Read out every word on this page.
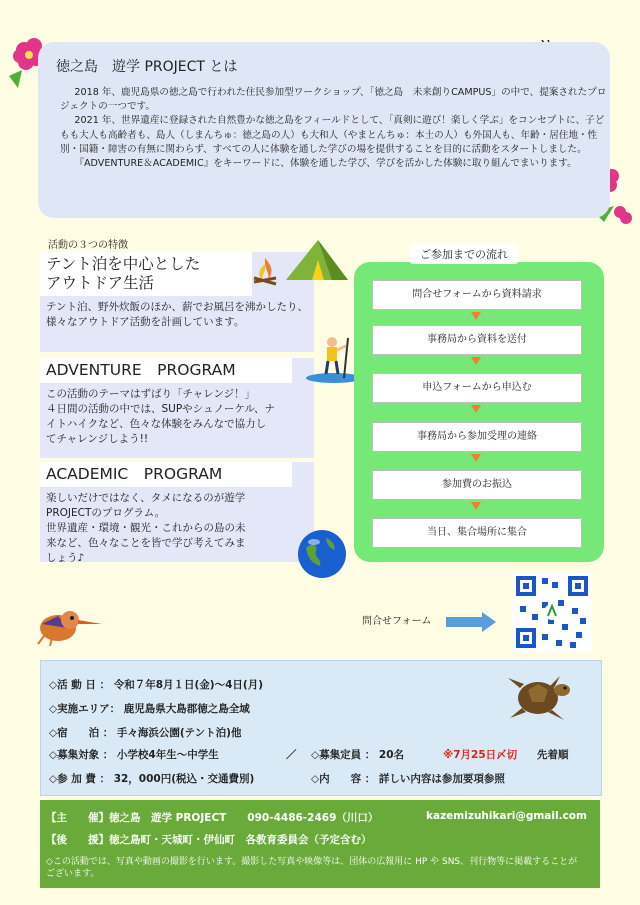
徳之島　遊学 PROJECT とは

2018 年、鹿児島県の徳之島で行われた住民参加型ワークショップ、「徳之島　未来創りCAMPUS」の中で、提案されたプロジェクトの一つです。

2021 年、世界遺産に登録された自然豊かな徳之島をフィールドとして、「真剣に遊び！楽しく学ぶ」をコンセプトに、子どもも大人も高齢者も、島人（しまんちゅ：徳之島の人）も大和人（やまとんちゅ：本土の人）も外国人も、年齢・居住地・性別・国籍・障害の有無に関わらず、すべての人に体験を通した学びの場を提供することを目的に活動をスタートしました。

『ADVENTURE＆ACADEMIC』をキーワードに、体験を通した学び、学びを活かした体験に取り組んでまいります。

活動の３つの特徴
テント泊を中心とした
アウトドア生活
テント泊、野外炊飯のほか、薪でお風呂を沸かしたり、様々なアウトドア活動を計画しています。
ADVENTURE　PROGRAM
この活動のテーマはずばり「チャレンジ！」
４日間の活動の中では、SUPやシュノーケル、ナイトハイクなど、色々な体験をみんなで協力してチャレンジしよう!!
ACADEMIC　PROGRAM
楽しいだけではなく、タメになるのが遊学PROJECTのプログラム。
世界遺産・環境・観光・これからの島の未来など、色々なことを皆で学び考えてみましょう♪
問合せフォームから資料請求
事務局から資料を送付
申込フォームから申込む
事務局から参加受理の連絡
参加費のお振込
当日、集合場所に集合
ご参加までの流れ
問合せフォーム
◇活 動 日 ： 令和７年8月１日(金)～4日(月)
◇実施エリア： 鹿児島県大島郡徳之島全域
◇宿　　泊 ： 手々海浜公園(テント泊)他
◇募集対象 ： 小学校4年生～中学生	／ ◇募集定員 ： 20名	※7月25日〆切 先着順
◇参 加 費 ： 32，000円(税込・交通費別)	◇内　　容 ： 詳しい内容は参加要項参照
【主　　催】徳之島　遊学 PROJECT　　090-4486-2469（川口）	kazemizuhikari@gmail.com
【後　　援】徳之島町・天城町・伊仙町　各教育委員会（予定含む）
◇この活動では、写真や動画の撮影を行います。撮影した写真や映像等は、団体の広報用に HP や SNS、刊行物等に掲載することがございます。
